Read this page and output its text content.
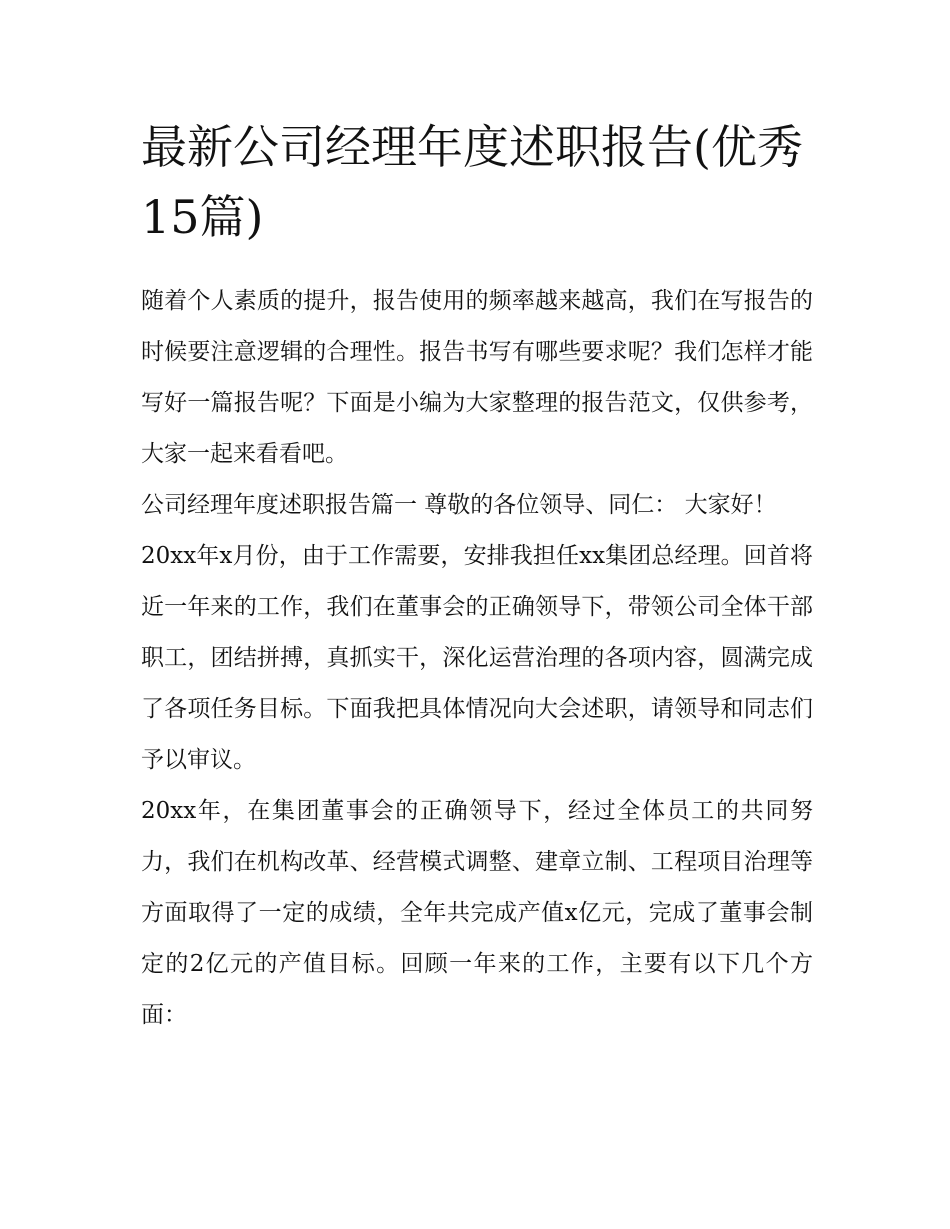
最新公司经理年度述职报告(优秀15篇)

随着个人素质的提升，报告使用的频率越来越高，我们在写报告的时候要注意逻辑的合理性。报告书写有哪些要求呢？我们怎样才能写好一篇报告呢？下面是小编为大家整理的报告范文，仅供参考，大家一起来看看吧。

公司经理年度述职报告篇一 尊敬的各位领导、同仁： 大家好！

20xx年x月份，由于工作需要，安排我担任xx集团总经理。回首将近一年来的工作，我们在董事会的正确领导下，带领公司全体干部职工，团结拼搏，真抓实干，深化运营治理的各项内容，圆满完成了各项任务目标。下面我把具体情况向大会述职，请领导和同志们予以审议。

20xx年，在集团董事会的正确领导下，经过全体员工的共同努力，我们在机构改革、经营模式调整、建章立制、工程项目治理等方面取得了一定的成绩，全年共完成产值x亿元，完成了董事会制定的2亿元的产值目标。回顾一年来的工作，主要有以下几个方面：
